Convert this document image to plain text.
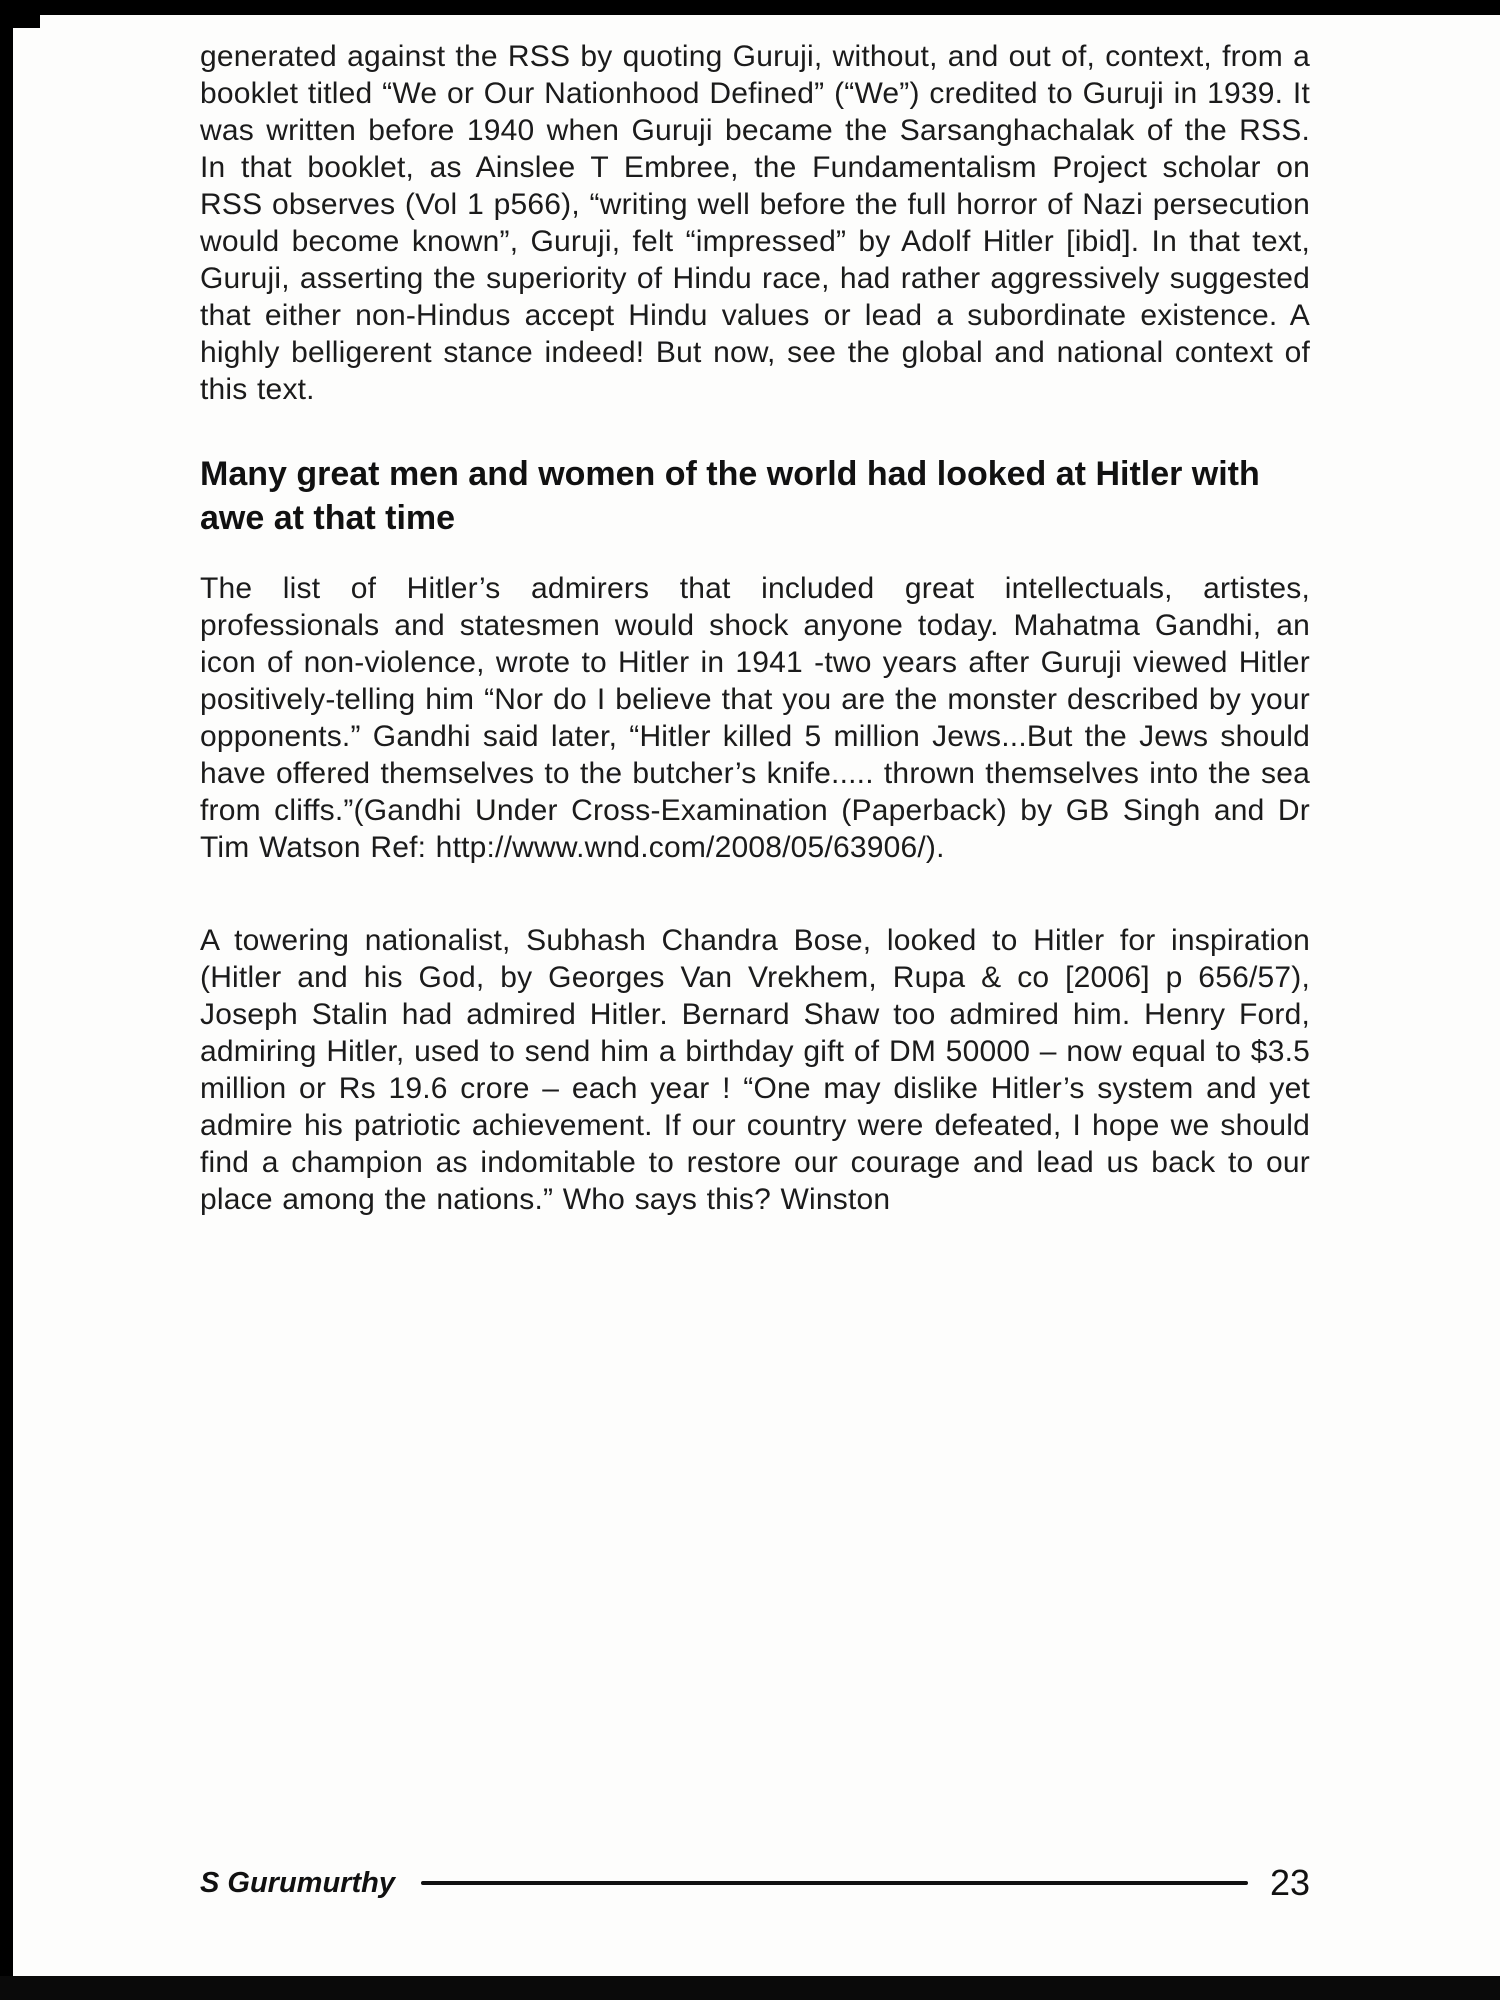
generated against the RSS by quoting Guruji, without, and out of, context, from a booklet titled “We or Our Nationhood Defined” (“We”) credited to Guruji in 1939. It was written before 1940 when Guruji became the Sarsanghachalak of the RSS. In that booklet, as Ainslee T Embree, the Fundamentalism Project scholar on RSS observes (Vol 1 p566), “writing well before the full horror of Nazi persecution would become known”, Guruji, felt “impressed” by Adolf Hitler [ibid]. In that text, Guruji, asserting the superiority of Hindu race, had rather aggressively suggested that either non-Hindus accept Hindu values or lead a subordinate existence. A highly belligerent stance indeed! But now, see the global and national context of this text.

Many great men and women of the world had looked at Hitler with awe at that time

The list of Hitler’s admirers that included great intellectuals, artistes, professionals and statesmen would shock anyone today. Mahatma Gandhi, an icon of non-violence, wrote to Hitler in 1941 -two years after Guruji viewed Hitler positively-telling him “Nor do I believe that you are the monster described by your opponents.” Gandhi said later, “Hitler killed 5 million Jews...But the Jews should have offered themselves to the butcher’s knife..... thrown themselves into the sea from cliffs.”(Gandhi Under Cross-Examination (Paperback) by GB Singh and Dr Tim Watson Ref: http://www.wnd.com/2008/05/63906/).

A towering nationalist, Subhash Chandra Bose, looked to Hitler for inspiration (Hitler and his God, by Georges Van Vrekhem, Rupa & co [2006] p 656/57), Joseph Stalin had admired Hitler. Bernard Shaw too admired him. Henry Ford, admiring Hitler, used to send him a birthday gift of DM 50000 – now equal to $3.5 million or Rs 19.6 crore – each year ! “One may dislike Hitler’s system and yet admire his patriotic achievement. If our country were defeated, I hope we should find a champion as indomitable to restore our courage and lead us back to our place among the nations.” Who says this? Winston

S Gurumurthy	23
